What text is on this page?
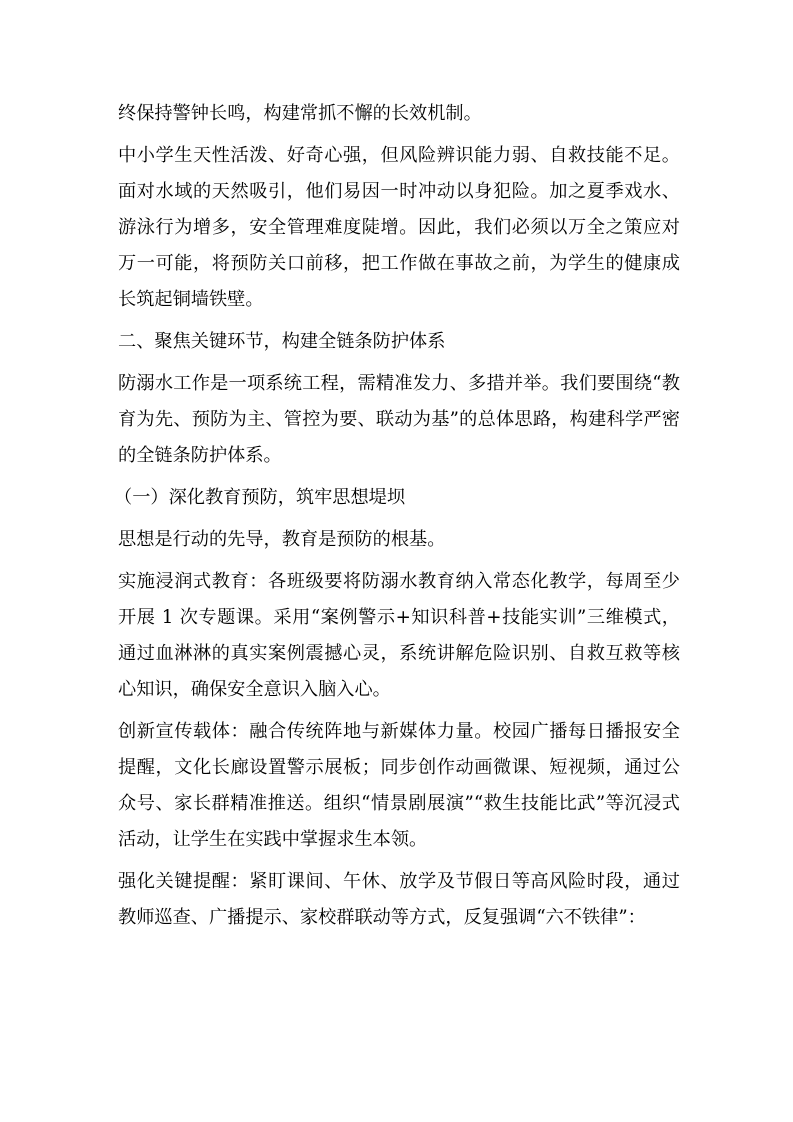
终保持警钟长鸣，构建常抓不懈的长效机制。

中小学生天性活泼、好奇心强，但风险辨识能力弱、自救技能不足。面对水域的天然吸引，他们易因一时冲动以身犯险。加之夏季戏水、游泳行为增多，安全管理难度陡增。因此，我们必须以万全之策应对万一可能，将预防关口前移，把工作做在事故之前，为学生的健康成长筑起铜墙铁壁。

二、聚焦关键环节，构建全链条防护体系

防溺水工作是一项系统工程，需精准发力、多措并举。我们要围绕“教育为先、预防为主、管控为要、联动为基”的总体思路，构建科学严密的全链条防护体系。

（一）深化教育预防，筑牢思想堤坝

思想是行动的先导，教育是预防的根基。

实施浸润式教育：各班级要将防溺水教育纳入常态化教学，每周至少开展 1 次专题课。采用“案例警示+知识科普+技能实训”三维模式，通过血淋淋的真实案例震撼心灵，系统讲解危险识别、自救互救等核心知识，确保安全意识入脑入心。

创新宣传载体：融合传统阵地与新媒体力量。校园广播每日播报安全提醒，文化长廊设置警示展板；同步创作动画微课、短视频，通过公众号、家长群精准推送。组织“情景剧展演”“救生技能比武”等沉浸式活动，让学生在实践中掌握求生本领。

强化关键提醒：紧盯课间、午休、放学及节假日等高风险时段，通过教师巡查、广播提示、家校群联动等方式，反复强调“六不铁律”：
